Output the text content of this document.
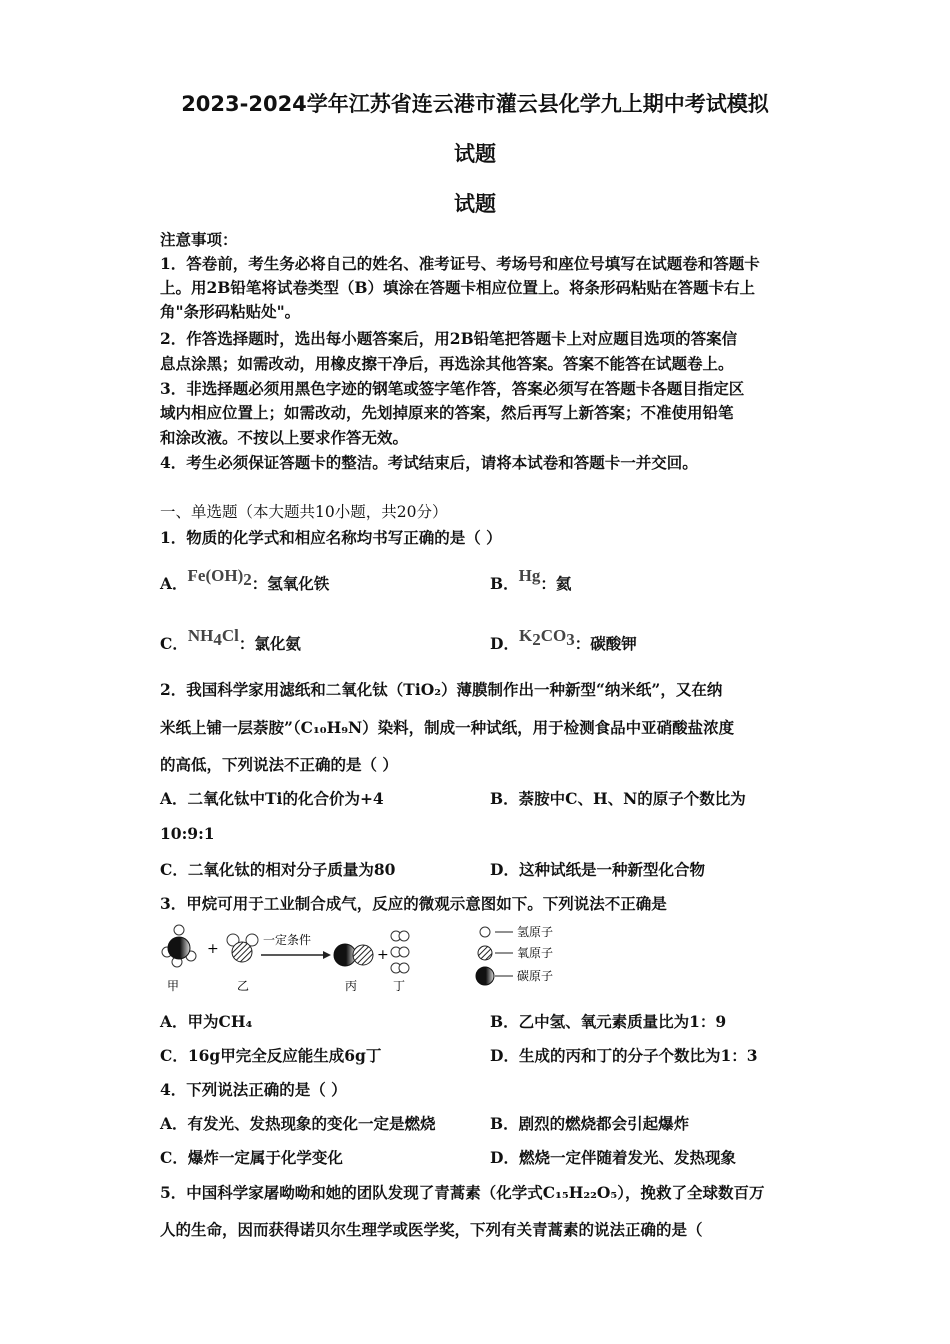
2023-2024学年江苏省连云港市灌云县化学九上期中考试模拟
试题
试题
注意事项：
1．答卷前，考生务必将自己的姓名、准考证号、考场号和座位号填写在试题卷和答题卡
上。用2B铅笔将试卷类型（B）填涂在答题卡相应位置上。将条形码粘贴在答题卡右上
角"条形码粘贴处"。
2．作答选择题时，选出每小题答案后，用2B铅笔把答题卡上对应题目选项的答案信
息点涂黑；如需改动，用橡皮擦干净后，再选涂其他答案。答案不能答在试题卷上。
3．非选择题必须用黑色字迹的钢笔或签字笔作答，答案必须写在答题卡各题目指定区
域内相应位置上；如需改动，先划掉原来的答案，然后再写上新答案；不准使用铅笔
和涂改液。不按以上要求作答无效。
4．考生必须保证答题卡的整洁。考试结束后，请将本试卷和答题卡一并交回。
一、单选题（本大题共10小题，共20分）
1．物质的化学式和相应名称均书写正确的是（ ）
A．$Fe(OH)_2$：氢氧化铁	B．Hg：氦
C．$NH_4Cl$：氯化氨	D．$K_2CO_3$：碳酸钾
2．我国科学家用滤纸和二氧化钛（TiO₂）薄膜制作出一种新型“纳米纸”，又在纳
米纸上铺一层萘胺”（C₁₀H₉N）染料，制成一种试纸，用于检测食品中亚硝酸盐浓度
的高低，下列说法不正确的是（ ）
A．二氧化钛中Ti的化合价为+4	B．萘胺中C、H、N的原子个数比为
10:9:1
C．二氧化钛的相对分子质量为80	D．这种试纸是一种新型化合物
3．甲烷可用于工业制合成气，反应的微观示意图如下。下列说法不正确是
+
一定条件
+
甲	乙	丙	丁
氢原子
氧原子
碳原子
A．甲为CH₄	B．乙中氢、氧元素质量比为1：9
C．16g甲完全反应能生成6g丁	D．生成的丙和丁的分子个数比为1：3
4．下列说法正确的是（ ）
A．有发光、发热现象的变化一定是燃烧	B．剧烈的燃烧都会引起爆炸
C．爆炸一定属于化学变化	D．燃烧一定伴随着发光、发热现象
5．中国科学家屠呦呦和她的团队发现了青蒿素（化学式C₁₅H₂₂O₅），挽救了全球数百万
人的生命，因而获得诺贝尔生理学或医学奖，下列有关青蒿素的说法正确的是（
